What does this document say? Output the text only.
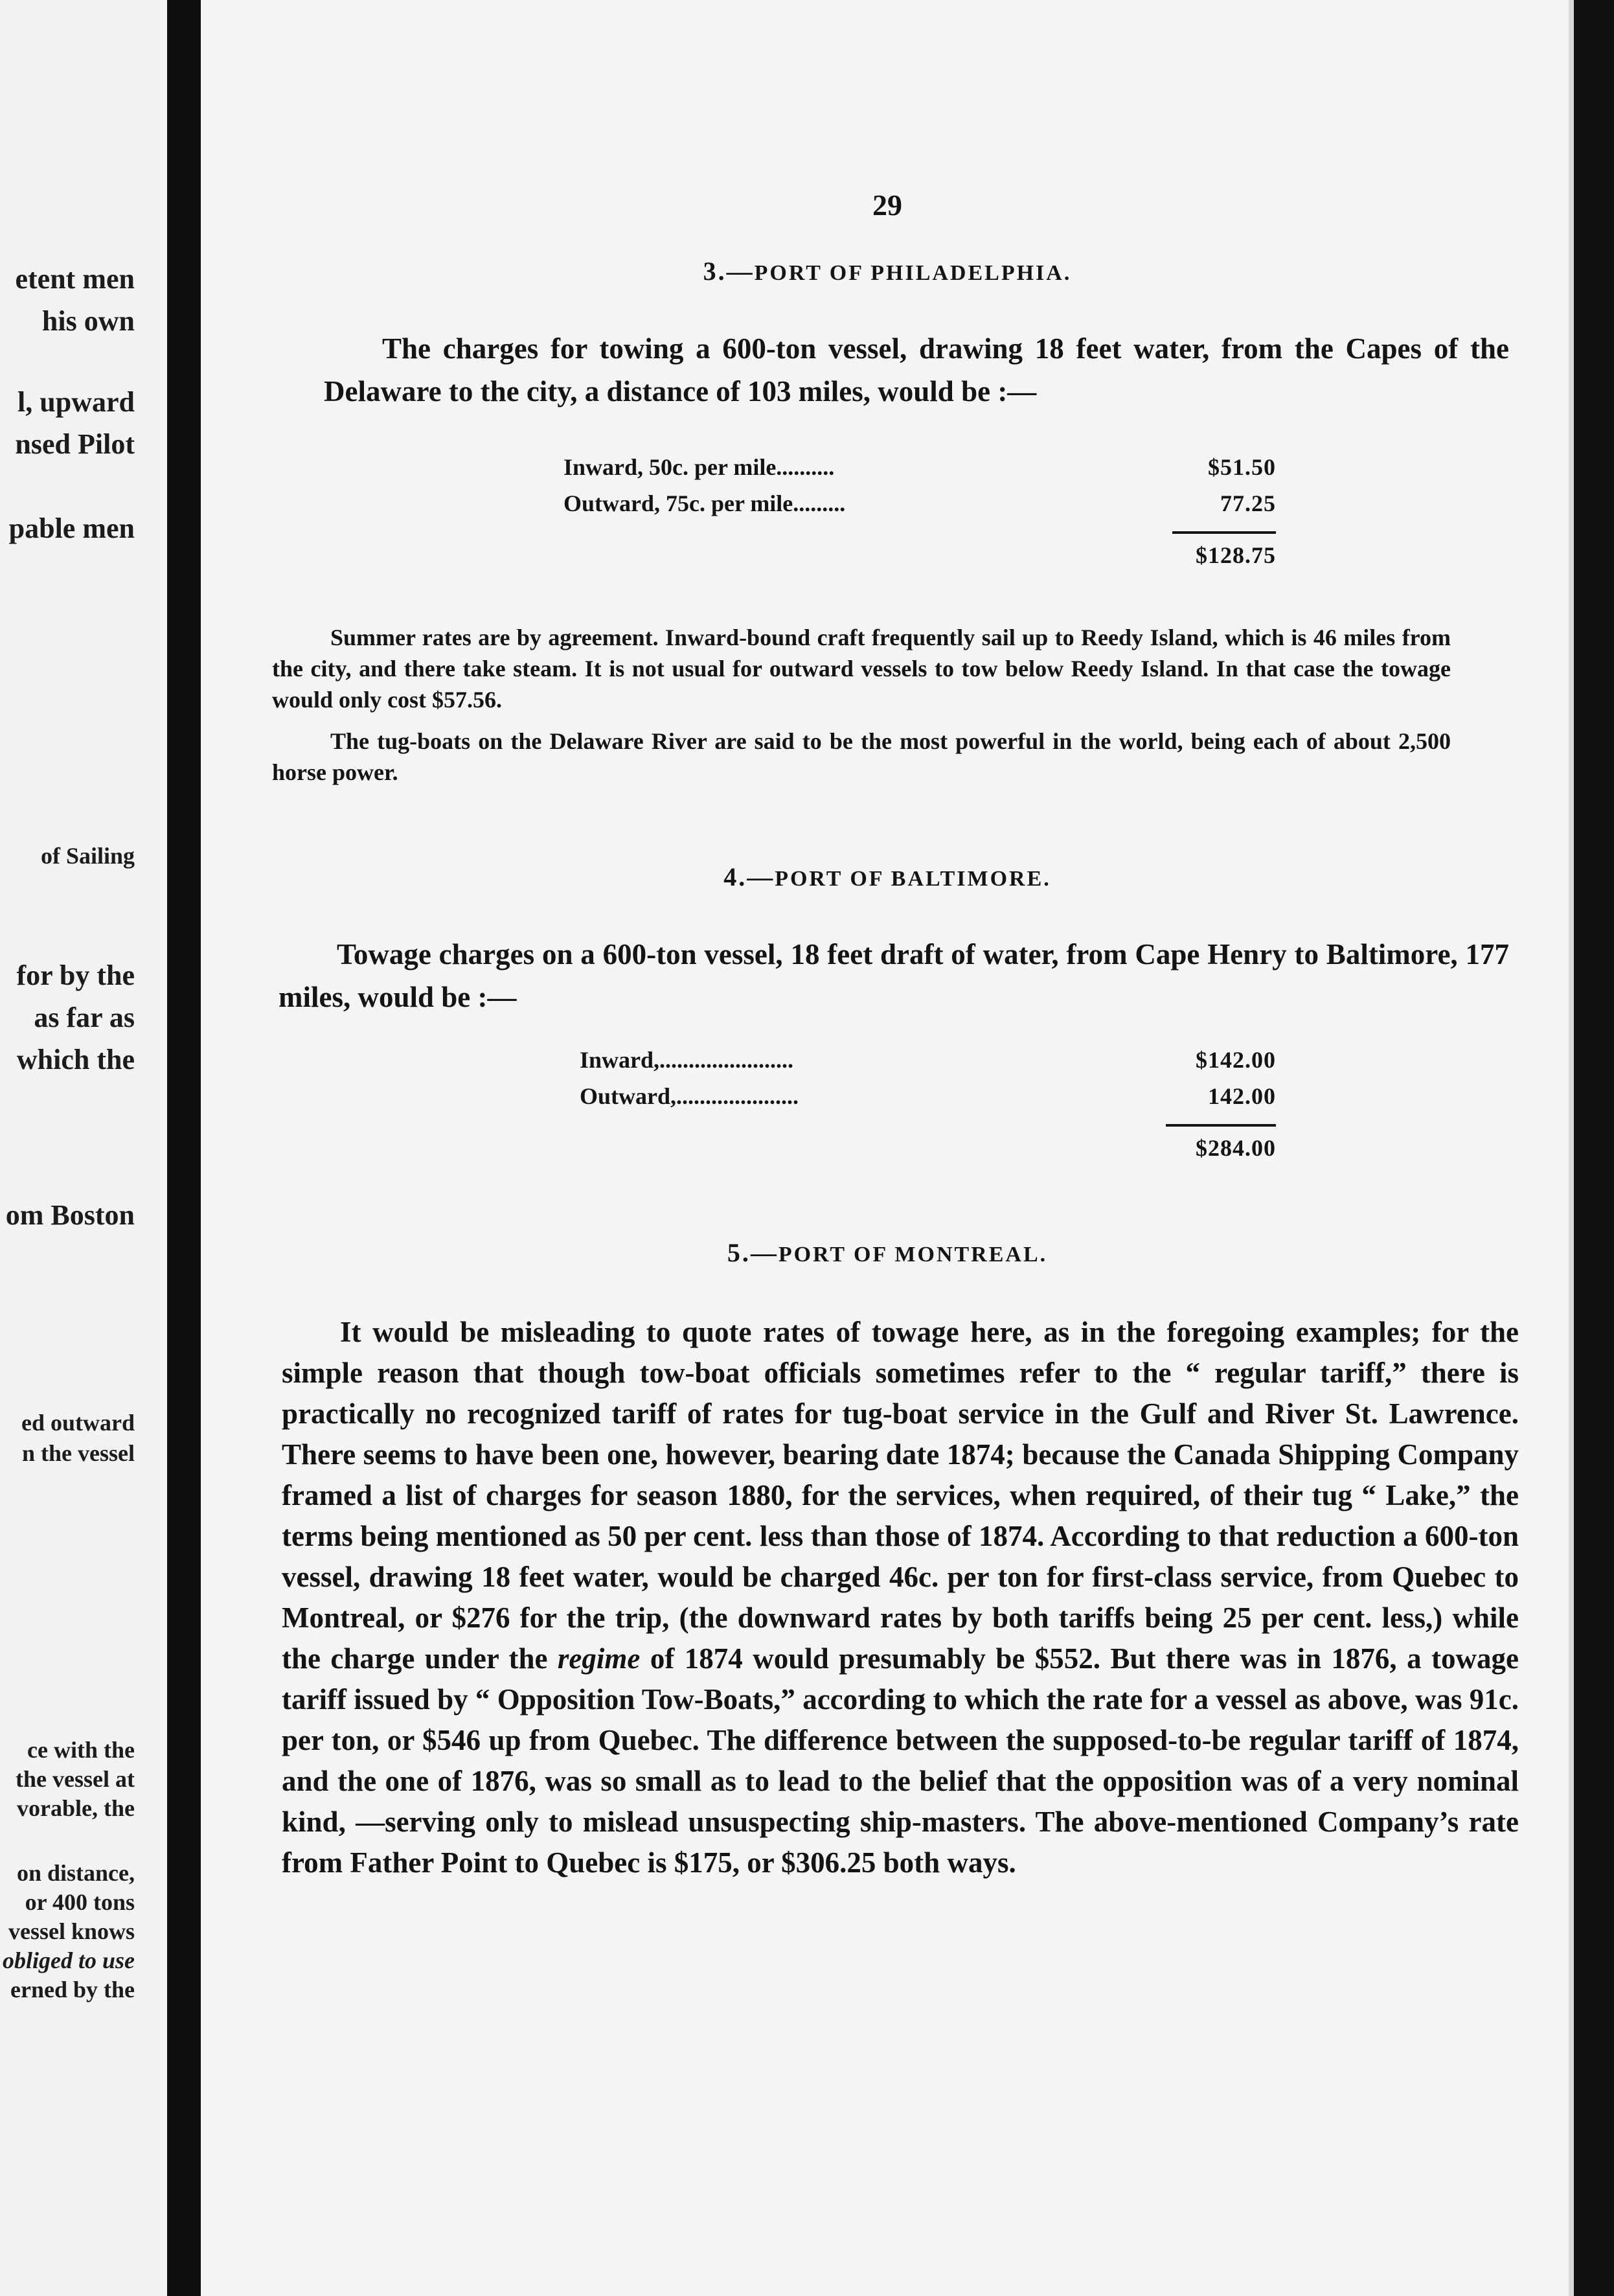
etent men
his own
l, upward
nsed Pilot
pable men
of Sailing
for by the
as far as
which the
om Boston
ed outward
n the vessel
ce with the
the vessel at
vorable, the
on distance,
or 400 tons
vessel knows
obliged to use
erned by the
29
3.—PORT OF PHILADELPHIA.
The charges for towing a 600-ton vessel, drawing 18 feet water, from the Capes of the Delaware to the city, a distance of 103 miles, would be :—
Inward, 50c. per mile..........	$51.50
Outward, 75c. per mile.........	77.25
$128.75
Summer rates are by agreement. Inward-bound craft frequently sail up to Reedy Island, which is 46 miles from the city, and there take steam. It is not usual for outward vessels to tow below Reedy Island. In that case the towage would only cost $57.56.
The tug-boats on the Delaware River are said to be the most powerful in the world, being each of about 2,500 horse power.
4.—PORT OF BALTIMORE.
Towage charges on a 600-ton vessel, 18 feet draft of water, from Cape Henry to Baltimore, 177 miles, would be :—
Inward,.......................	$142.00
Outward,.....................	142.00
$284.00
5.—PORT OF MONTREAL.
It would be misleading to quote rates of towage here, as in the foregoing examples; for the simple reason that though tow-boat officials sometimes refer to the “ regular tariff,” there is practically no recognized tariff of rates for tug-boat service in the Gulf and River St. Lawrence. There seems to have been one, however, bearing date 1874; because the Canada Shipping Company framed a list of charges for season 1880, for the services, when required, of their tug “ Lake,” the terms being mentioned as 50 per cent. less than those of 1874. According to that reduction a 600-ton vessel, drawing 18 feet water, would be charged 46c. per ton for first-class service, from Quebec to Montreal, or $276 for the trip, (the downward rates by both tariffs being 25 per cent. less,) while the charge under the regime of 1874 would presumably be $552. But there was in 1876, a towage tariff issued by “ Opposition Tow-Boats,” according to which the rate for a vessel as above, was 91c. per ton, or $546 up from Quebec. The difference between the supposed-to-be regular tariff of 1874, and the one of 1876, was so small as to lead to the belief that the opposition was of a very nominal kind, —serving only to mislead unsuspecting ship-masters. The above-mentioned Company’s rate from Father Point to Quebec is $175, or $306.25 both ways.
